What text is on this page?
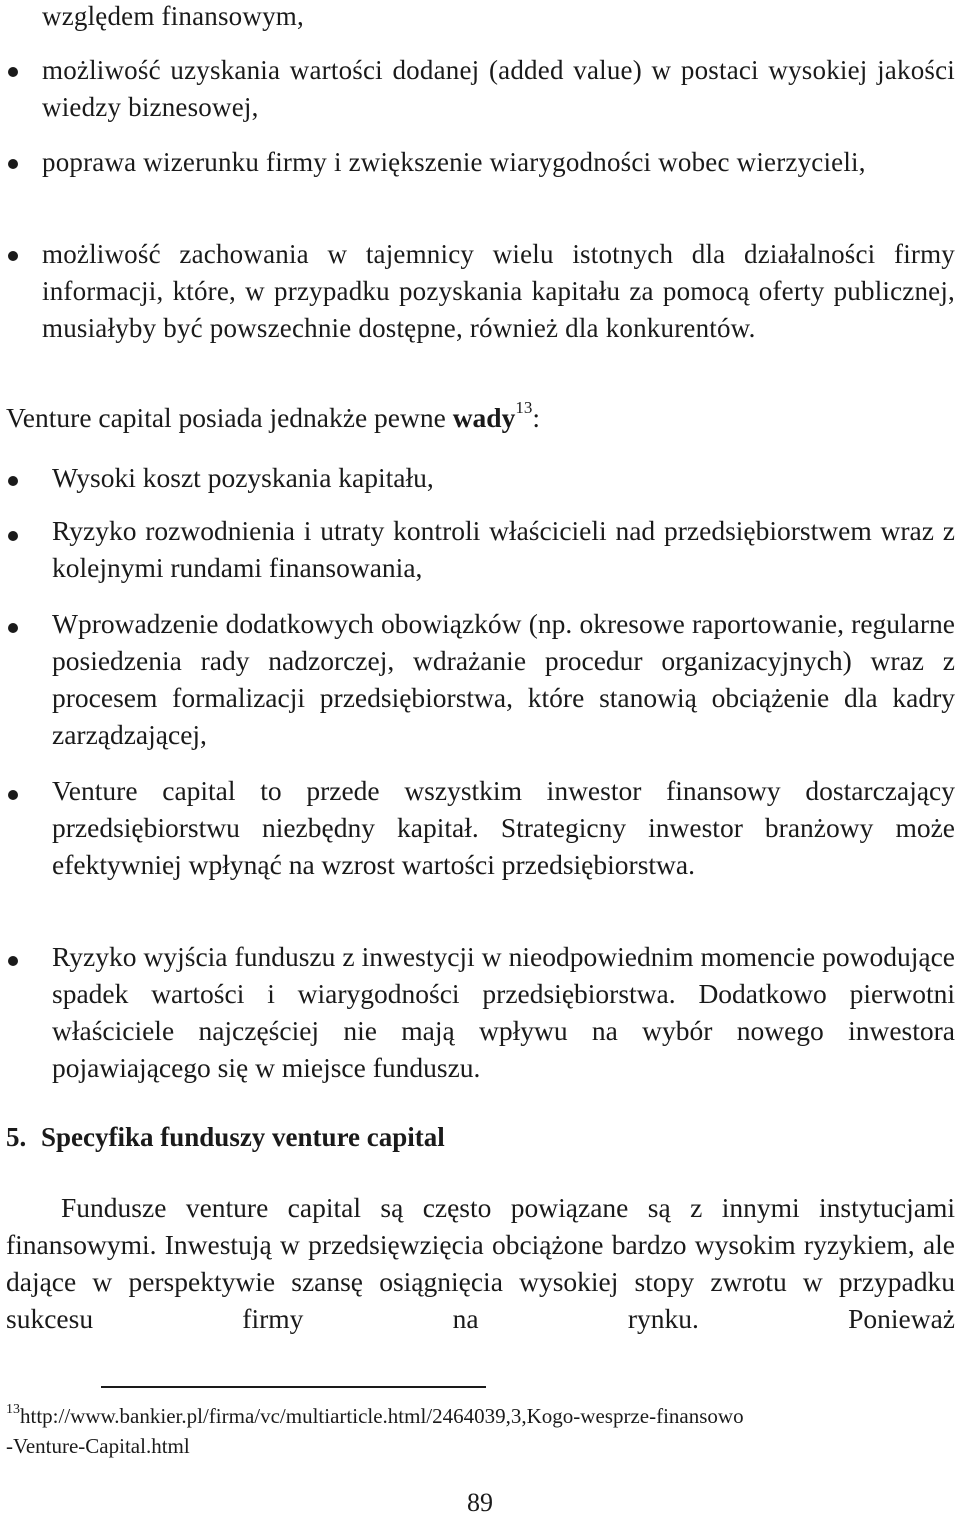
względem finansowym,
możliwość uzyskania wartości dodanej (added value) w postaci wysokiej jakości wiedzy biznesowej,
poprawa wizerunku firmy i zwiększenie wiarygodności wobec wierzycieli,
możliwość zachowania w tajemnicy wielu istotnych dla działalności firmy informacji, które, w przypadku pozyskania kapitału za pomocą oferty publicznej, musiałyby być powszechnie dostępne, również dla konkurentów.
Venture capital posiada jednakże pewne wady$^{13}$:
Wysoki koszt pozyskania kapitału,
Ryzyko rozwodnienia i utraty kontroli właścicieli nad przedsiębiorstwem wraz z kolejnymi rundami finansowania,
Wprowadzenie dodatkowych obowiązków (np. okresowe raportowanie, regularne posiedzenia rady nadzorczej, wdrażanie procedur organizacyjnych) wraz z procesem formalizacji przedsiębiorstwa, które stanowią obciążenie dla kadry zarządzającej,
Venture capital to przede wszystkim inwestor finansowy dostarczający przedsiębiorstwu niezbędny kapitał. Strategicny inwestor branżowy może efektywniej wpłynąć na wzrost wartości przedsiębiorstwa.
Ryzyko wyjścia funduszu z inwestycji w nieodpowiednim momencie powodujące spadek wartości i wiarygodności przedsiębiorstwa. Dodatkowo pierwotni właściciele najczęściej nie mają wpływu na wybór nowego inwestora pojawiającego się w miejsce funduszu.
5. Specyfika funduszy venture capital
Fundusze venture capital są często powiązane są z innymi instytucjami finansowymi. Inwestują w przedsięwzięcia obciążone bardzo wysokim ryzykiem, ale dające w perspektywie szansę osiągnięcia wysokiej stopy zwrotu w przypadku sukcesu firmy na rynku. Ponieważ
$^{13}$http://www.bankier.pl/firma/vc/multiarticle.html/2464039,3,Kogo-wesprze-finansowo
-Venture-Capital.html
89
